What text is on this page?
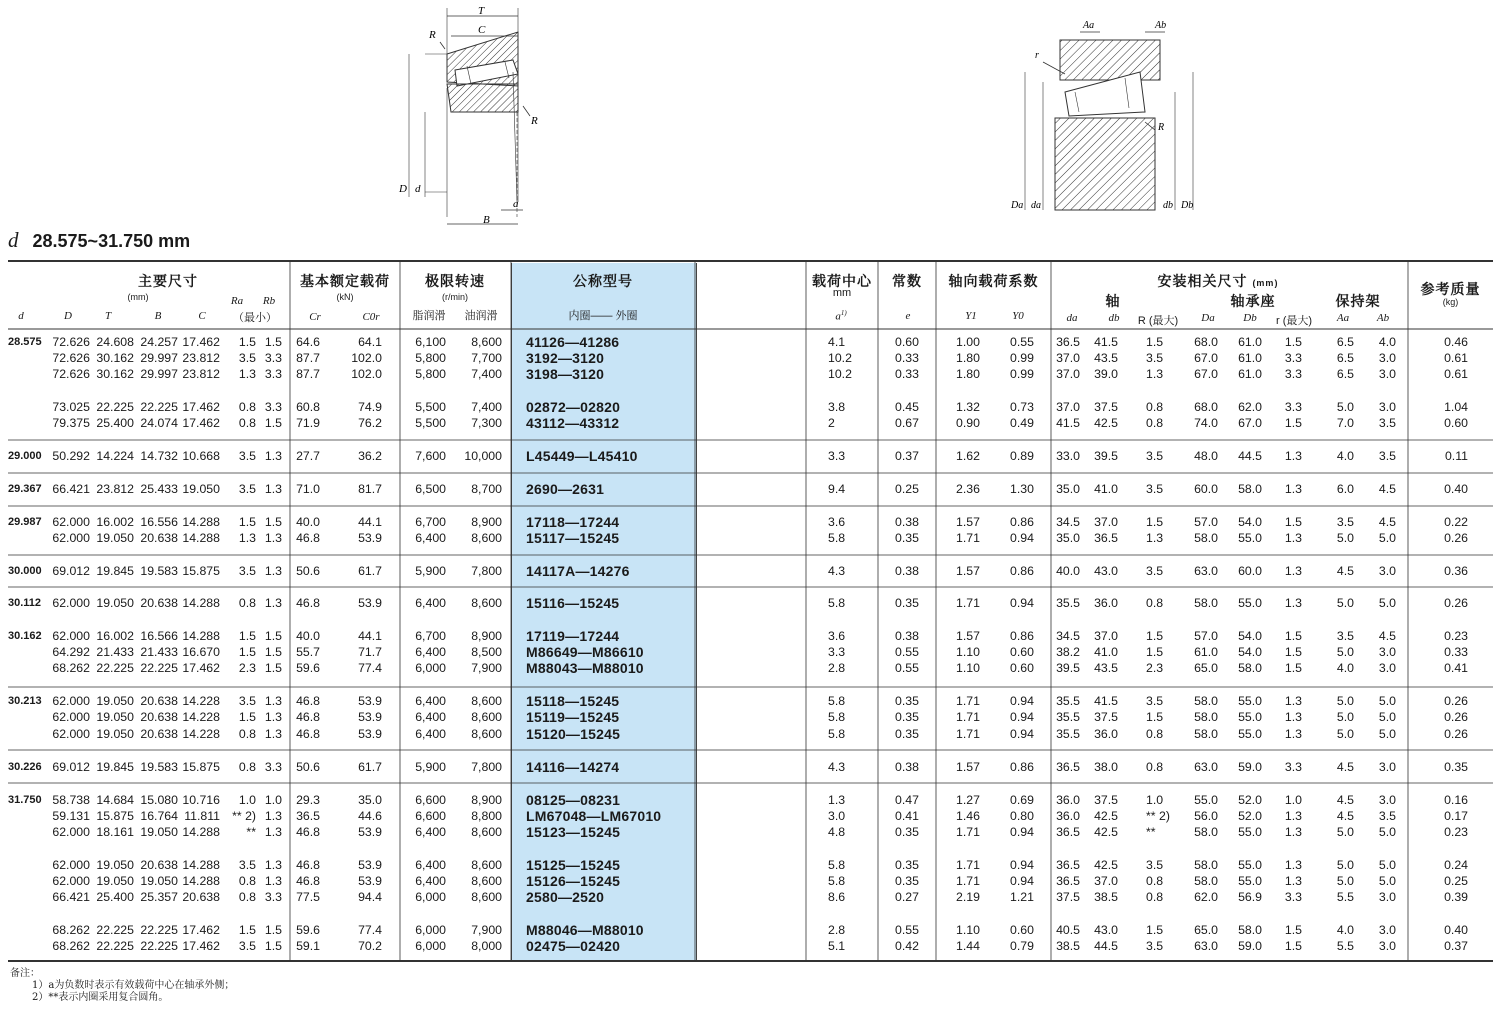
T
C
R
R
D d
a
B
Aa	Ab
r
R
Da da	db Db
d 28.575~31.750 mm
主要尺寸
(mm)	Ra	Rb
（最小）
基本额定载荷
(kN)
极限转速
(r/min)
脂润滑	油润滑
公称型号
内圈—— 外圈
载荷中心
mm
常数	轴向载荷系数	安装相关尺寸 (mm)
轴	轴承座	保持架
参考质量
(kg)
d	D	T	B	C	Cr	C0r	$a^{1)}$	e	Y1	Y0	da	db	R (最大)	Da	Db	r (最大)	Aa	Ab
28.575 72.626 24.608 24.257 17.462	1.5 1.5	64.6	64.1	6,100	8,600 41126—41286	4.1	0.60	1.00	0.55	36.5	41.5 1.5	68.0	61.0	1.5	6.5	4.0	0.46
72.626 30.162 29.997 23.812	3.5 3.3	87.7	102.0	5,800	7,700 3192—3120	10.2	0.33	1.80	0.99	37.0	43.5 3.5	67.0	61.0	3.3	6.5	3.0	0.61
72.626 30.162 29.997 23.812	1.3 3.3	87.7	102.0	5,800	7,400 3198—3120	10.2	0.33	1.80	0.99	37.0	39.0 1.3	67.0	61.0	3.3	6.5	3.0	0.61
73.025 22.225 22.225 17.462	0.8 3.3	60.8	74.9	5,500	7,400 02872—02820	3.8	0.45	1.32	0.73	37.0	37.5 0.8	68.0	62.0	3.3	5.0	3.0	1.04
79.375 25.400 24.074 17.462	0.8 1.5	71.9	76.2	5,500	7,300 43112—43312	2	0.67	0.90	0.49	41.5	42.5 0.8	74.0	67.0	1.5	7.0	3.5	0.60
29.000 50.292 14.224 14.732 10.668	3.5 1.3	27.7	36.2	7,600	10,000 L45449—L45410	3.3	0.37	1.62	0.89	33.0	39.5 3.5	48.0	44.5	1.3	4.0	3.5	0.11
29.367 66.421 23.812 25.433 19.050	3.5 1.3	71.0	81.7	6,500	8,700 2690—2631	9.4	0.25	2.36	1.30	35.0	41.0 3.5	60.0	58.0	1.3	6.0	4.5	0.40
29.987 62.000 16.002 16.556 14.288	1.5 1.5	40.0	44.1	6,700	8,900 17118—17244	3.6	0.38	1.57	0.86	34.5	37.0 1.5	57.0	54.0	1.5	3.5	4.5	0.22
62.000 19.050 20.638 14.288	1.3 1.3	46.8	53.9	6,400	8,600 15117—15245	5.8	0.35	1.71	0.94	35.0	36.5 1.3	58.0	55.0	1.3	5.0	5.0	0.26
30.000 69.012 19.845 19.583 15.875	3.5 1.3	50.6	61.7	5,900	7,800 14117A—14276	4.3	0.38	1.57	0.86	40.0	43.0 3.5	63.0	60.0	1.3	4.5	3.0	0.36
30.112 62.000 19.050 20.638 14.288	0.8 1.3	46.8	53.9	6,400	8,600 15116—15245	5.8	0.35	1.71	0.94	35.5	36.0 0.8	58.0	55.0	1.3	5.0	5.0	0.26
30.162 62.000 16.002 16.566 14.288	1.5 1.5	40.0	44.1	6,700	8,900 17119—17244	3.6	0.38	1.57	0.86	34.5	37.0 1.5	57.0	54.0	1.5	3.5	4.5	0.23
64.292 21.433 21.433 16.670	1.5 1.5	55.7	71.7	6,400	8,500 M86649—M86610	3.3	0.55	1.10	0.60	38.2	41.0 1.5	61.0	54.0	1.5	5.0	3.0	0.33
68.262 22.225 22.225 17.462	2.3 1.5	59.6	77.4	6,000	7,900 M88043—M88010	2.8	0.55	1.10	0.60	39.5	43.5 2.3	65.0	58.0	1.5	4.0	3.0	0.41
30.213 62.000 19.050 20.638 14.228	3.5 1.3	46.8	53.9	6,400	8,600 15118—15245	5.8	0.35	1.71	0.94	35.5	41.5 3.5	58.0	55.0	1.3	5.0	5.0	0.26
62.000 19.050 20.638 14.228	1.5 1.3	46.8	53.9	6,400	8,600 15119—15245	5.8	0.35	1.71	0.94	35.5	37.5 1.5	58.0	55.0	1.3	5.0	5.0	0.26
62.000 19.050 20.638 14.228	0.8 1.3	46.8	53.9	6,400	8,600 15120—15245	5.8	0.35	1.71	0.94	35.5	36.0 0.8	58.0	55.0	1.3	5.0	5.0	0.26
30.226 69.012 19.845 19.583 15.875	0.8 3.3	50.6	61.7	5,900	7,800 14116—14274	4.3	0.38	1.57	0.86	36.5	38.0 0.8	63.0	59.0	3.3	4.5	3.0	0.35
31.750 58.738 14.684 15.080 10.716	1.0 1.0	29.3	35.0	6,600	8,900 08125—08231	1.3	0.47	1.27	0.69	36.0	37.5 1.0	55.0	52.0	1.0	4.5	3.0	0.16
59.131 15.875 16.764 11.811 ** 2) 1.3	36.5	44.6	6,600	8,800 LM67048—LM67010	3.0	0.41	1.46	0.80	36.0	42.5 ** 2)	56.0	52.0	1.3	4.5	3.5	0.17
62.000 18.161 19.050 14.288	** 1.3	46.8	53.9	6,400	8,600 15123—15245	4.8	0.35	1.71	0.94	36.5	42.5 **	58.0	55.0	1.3	5.0	5.0	0.23
62.000 19.050 20.638 14.288	3.5 1.3	46.8	53.9	6,400	8,600 15125—15245	5.8	0.35	1.71	0.94	36.5	42.5 3.5	58.0	55.0	1.3	5.0	5.0	0.24
62.000 19.050 19.050 14.288	0.8 1.3	46.8	53.9	6,400	8,600 15126—15245	5.8	0.35	1.71	0.94	36.5	37.0 0.8	58.0	55.0	1.3	5.0	5.0	0.25
66.421 25.400 25.357 20.638	0.8 3.3	77.5	94.4	6,000	8,600 2580—2520	8.6	0.27	2.19	1.21	37.5	38.5 0.8	62.0	56.9	3.3	5.5	3.0	0.39
68.262 22.225 22.225 17.462	1.5 1.5	59.6	77.4	6,000	7,900 M88046—M88010	2.8	0.55	1.10	0.60	40.5	43.0 1.5	65.0	58.0	1.5	4.0	3.0	0.40
68.262 22.225 22.225 17.462	3.5 1.5	59.1	70.2	6,000	8,000 02475—02420	5.1	0.42	1.44	0.79	38.5	44.5 3.5	63.0	59.0	1.5	5.5	3.0	0.37
备注：
1）a为负数时表示有效载荷中心在轴承外侧；
2）**表示内圈采用复合圆角。
